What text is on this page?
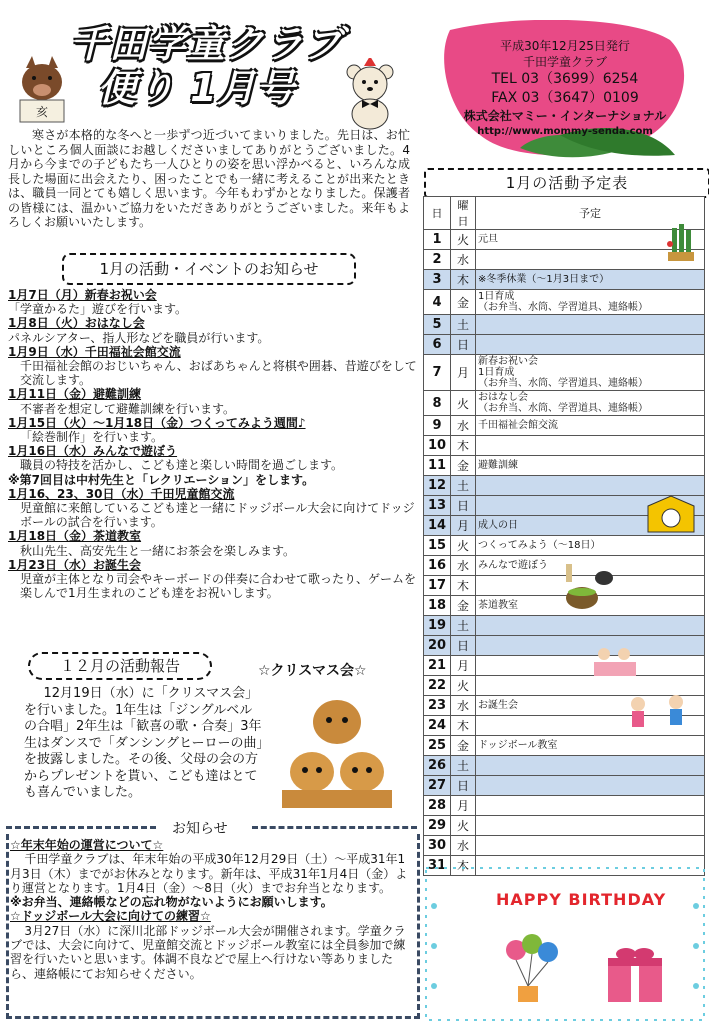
千田学童クラブ
便り 1月号
亥
平成30年12月25日発行
千田学童クラブ
TEL 03（3699）6254
FAX 03（3647）0109
株式会社マミー・インターナショナル
http://www.mommy-senda.com
寒さが本格的な冬へと一歩ずつ近づいてまいりました。先日は、お忙しいところ個人面談にお越しくださいましてありがとうございました。4月から今までの子どもたち一人ひとりの姿を思い浮かべると、いろんな成長した場面に出会えたり、困ったことでも一緒に考えることが出来たときは、職員一同とても嬉しく思います。今年もわずかとなりました。保護者の皆様には、温かいご協力をいただきありがとうございました。来年もよろしくお願いいたします。
1月の活動・イベントのお知らせ
1月7日（月）新春お祝い会
「学童かるた」遊びを行います。
1月8日（火）おはなし会
パネルシアター、指人形などを職員が行います。
1月9日（水）千田福祉会館交流
千田福祉会館のおじいちゃん、おばあちゃんと将棋や囲碁、昔遊びをして交流します。
1月11日（金）避難訓練
不審者を想定して避難訓練を行います。
1月15日（火）～1月18日（金）つくってみよう週間♪
「絵巻制作」を行います。
1月16日（水）みんなで遊ぼう
職員の特技を活かし、こども達と楽しい時間を過ごします。
※第7回目は中村先生と「レクリエーション」をします。
1月16、23、30日（水）千田児童館交流
児童館に来館しているこども達と一緒にドッジボール大会に向けてドッジボールの試合を行います。
1月18日（金）茶道教室
秋山先生、高安先生と一緒にお茶会を楽しみます。
1月23日（水）お誕生会
児童が主体となり司会やキーボードの伴奏に合わせて歌ったり、ゲームを楽しんで1月生まれのこども達をお祝いします。
１２月の活動報告	☆クリスマス会☆
12月19日（水）に「クリスマス会」を行いました。1年生は「ジングルベルの合唱」2年生は「歓喜の歌・合奏」3年生はダンスで「ダンシングヒーローの曲」を披露しました。その後、父母の会の方からプレゼントを貰い、こども達はとても喜んでいました。
お知らせ
☆年末年始の運営について☆
千田学童クラブは、年末年始の平成30年12月29日（土）～平成31年1月3日（木）までがお休みとなります。新年は、平成31年1月4日（金）より運営となります。1月4日（金）～8日（火）までお弁当となります。
※お弁当、連絡帳などの忘れ物がないようにお願いします。
☆ドッジボール大会に向けての練習☆
3月27日（水）に深川北部ドッジボール大会が開催されます。学童クラブでは、大会に向けて、児童館交流とドッジボール教室には全員参加で練習を行いたいと思います。体調不良などで屋上へ行けない等ありましたら、連絡帳にてお知らせください。
1月の活動予定表
日	曜日	予定
1	火	元旦
2	水	
3	木	※冬季休業（～1月3日まで）
4	金	1日育成
（お弁当、水筒、学習道具、連絡帳）
5	土	
6	日	
7	月	新春お祝い会
1日育成
（お弁当、水筒、学習道具、連絡帳）
8	火	おはなし会
（お弁当、水筒、学習道具、連絡帳）
9	水	千田福祉会館交流
10	木	
11	金	避難訓練
12	土	
13	日	
14	月	成人の日
15	火	つくってみよう（～18日）
16	水	みんなで遊ぼう
17	木	
18	金	茶道教室
19	土	
20	日	
21	月	
22	火	
23	水	お誕生会
24	木	
25	金	ドッジボール教室
26	土	
27	日	
28	月	
29	火	
30	水	
31	木	
HAPPY BIRTHDAY
